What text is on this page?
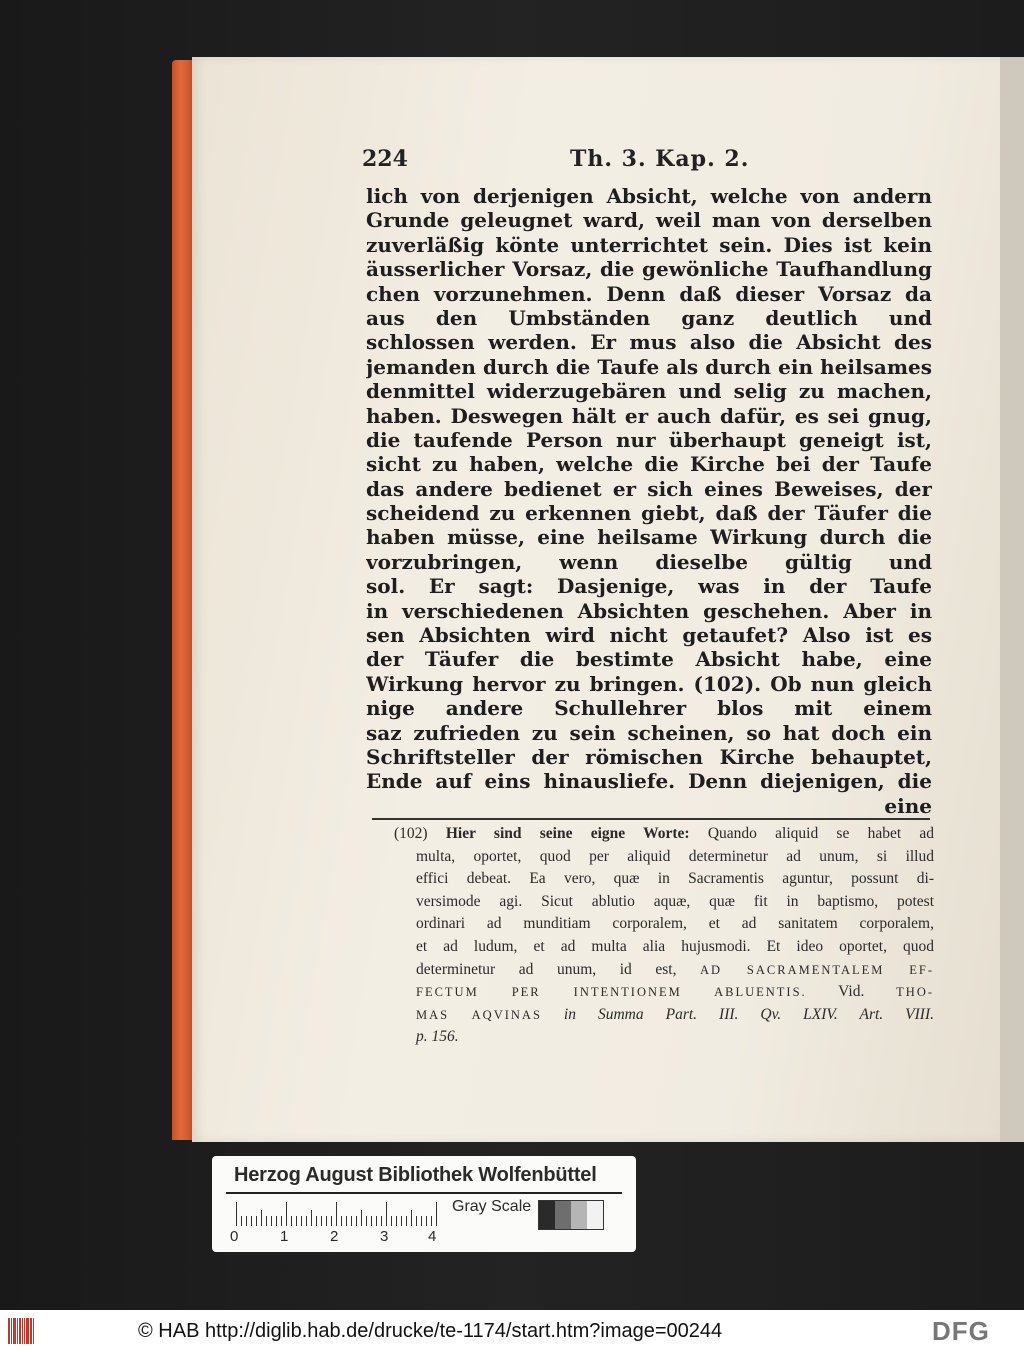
224	Th. 3. Kap. 2.
lich von derjenigen Absicht, welche von andern
Grunde geleugnet ward, weil man von derselben
zuverläßig könte unterrichtet sein. Dies ist kein
äusserlicher Vorsaz, die gewönliche Taufhandlung
chen vorzunehmen. Denn daß dieser Vorsaz da
aus den Umbständen ganz deutlich und
schlossen werden. Er mus also die Absicht des
jemanden durch die Taufe als durch ein heilsames
denmittel widerzugebären und selig zu machen,
haben. Deswegen hält er auch dafür, es sei gnug,
die taufende Person nur überhaupt geneigt ist,
sicht zu haben, welche die Kirche bei der Taufe
das andere bedienet er sich eines Beweises, der
scheidend zu erkennen giebt, daß der Täufer die
haben müsse, eine heilsame Wirkung durch die
vorzubringen, wenn dieselbe gültig und
sol. Er sagt: Dasjenige, was in der Taufe
in verschiedenen Absichten geschehen. Aber in
sen Absichten wird nicht getaufet? Also ist es
der Täufer die bestimte Absicht habe, eine
Wirkung hervor zu bringen. (102). Ob nun gleich
nige andere Schullehrer blos mit einem
saz zufrieden zu sein scheinen, so hat doch ein
Schriftsteller der römischen Kirche behauptet,
Ende auf eins hinausliefe. Denn diejenigen, die
eine
(102) Hier sind seine eigne Worte: Quando aliquid se habet ad
multa, oportet, quod per aliquid determinetur ad unum, si illud
effici debeat. Ea vero, quæ in Sacramentis aguntur, possunt di-
versimode agi. Sicut ablutio aquæ, quæ fit in baptismo, potest
ordinari ad munditiam corporalem, et ad sanitatem corporalem,
et ad ludum, et ad multa alia hujusmodi. Et ideo oportet, quod
determinetur ad unum, id est, AD SACRAMENTALEM EF-
FECTUM PER INTENTIONEM ABLUENTIS. Vid.	THO-
MAS AQVINAS in Summa Part. III. Qv. LXIV. Art. VIII.
p. 156.
Herzog August Bibliothek Wolfenbüttel
0	1	2	3	4
Gray Scale
© HAB http://diglib.hab.de/drucke/te-1174/start.htm?image=00244	DFG
